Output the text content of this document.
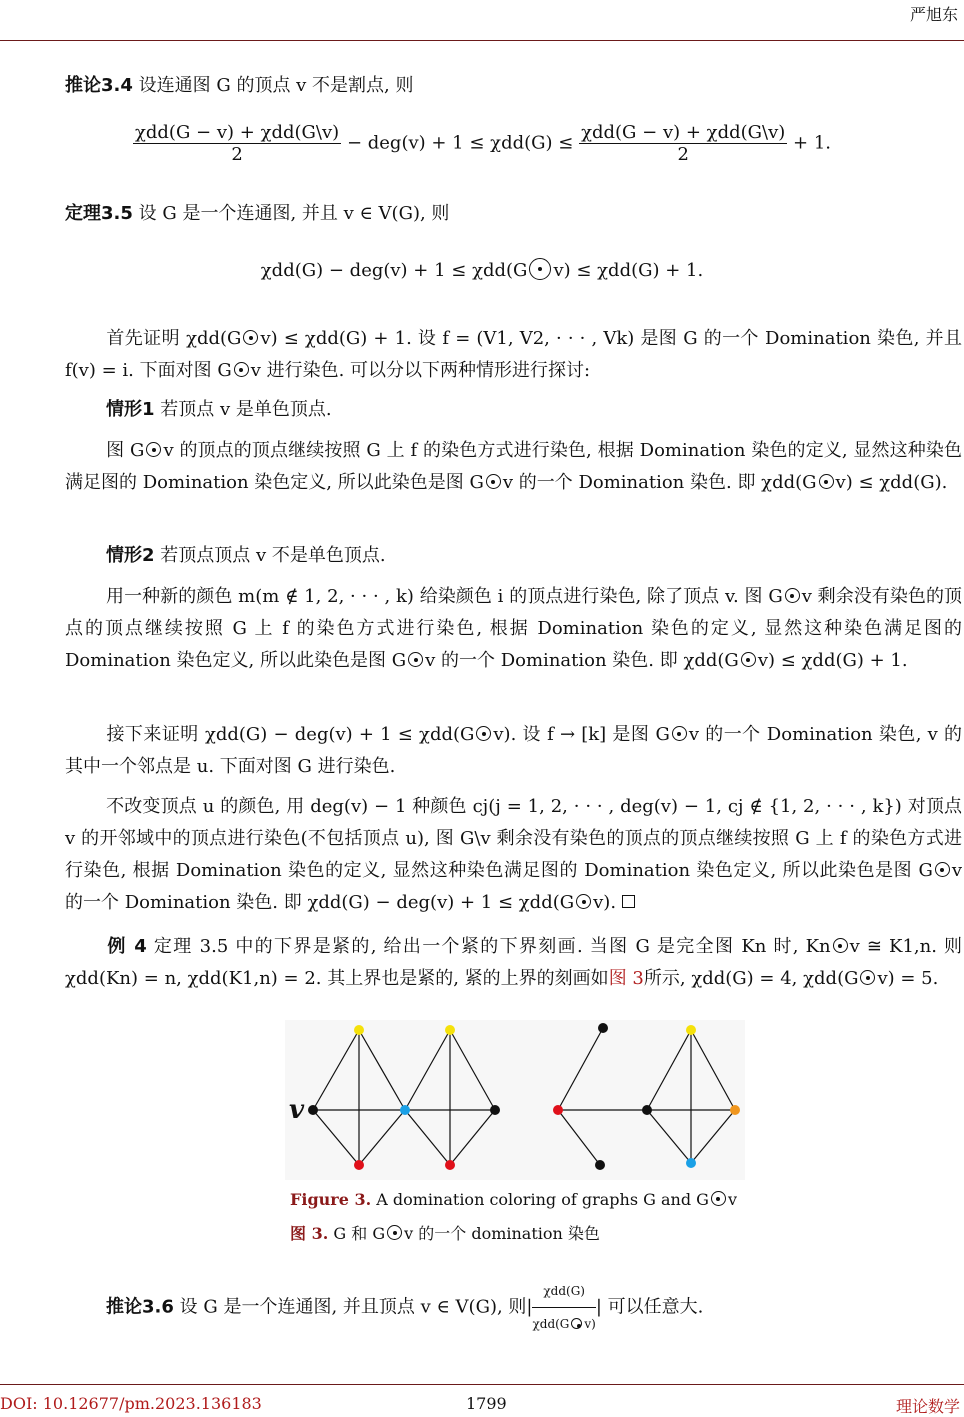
严旭东
推论3.4 设连通图 G 的顶点 v 不是割点, 则
$\frac{\text{χdd(G − v) + χdd(G\textbackslash{}v)}}{2} - deg(v) + 1 \le \chi dd(G) \le \frac{\text{χdd(G − v) + χdd(G\textbackslash{}v)}}{2} + 1$.
定理3.5 设 G 是一个连通图, 并且 v ∈ V(G), 则
χdd(G) − deg(v) + 1 ≤ χdd(G v) ≤ χdd(G) + 1.
首先证明 χdd(G v) ≤ χdd(G) + 1. 设 f = (V1, V2, · · · , Vk) 是图 G 的一个 Domination 染色, 并且f(v) = i. 下面对图 G v 进行染色. 可以分以下两种情形进行探讨:
情形1 若顶点 v 是单色顶点.
图 G v 的顶点的顶点继续按照 G 上 f 的染色方式进行染色, 根据 Domination 染色的定义, 显然这种染色满足图的 Domination 染色定义, 所以此染色是图 G v 的一个 Domination 染色. 即 χdd(G v) ≤ χdd(G).
情形2 若顶点顶点 v 不是单色顶点.
用一种新的颜色 m(m ∉ 1, 2, · · · , k) 给染颜色 i 的顶点进行染色, 除了顶点 v. 图 G v 剩余没有染色的顶点的顶点继续按照 G 上 f 的染色方式进行染色, 根据 Domination 染色的定义, 显然这种染色满足图的 Domination 染色定义, 所以此染色是图 G v 的一个 Domination 染色. 即 χdd(G v) ≤ χdd(G) + 1.
接下来证明 χdd(G) − deg(v) + 1 ≤ χdd(G v). 设 f → [k] 是图 G v 的一个 Domination 染色, v 的其中一个邻点是 u. 下面对图 G 进行染色.
不改变顶点 u 的颜色, 用 deg(v) − 1 种颜色 cj(j = 1, 2, · · · , deg(v) − 1, cj ∉ {1, 2, · · · , k}) 对顶点 v 的开邻域中的顶点进行染色(不包括顶点 u), 图 G\v 剩余没有染色的顶点的顶点继续按照 G 上 f 的染色方式进行染色, 根据 Domination 染色的定义, 显然这种染色满足图的 Domination 染色定义, 所以此染色是图 G v 的一个 Domination 染色. 即 χdd(G) − deg(v) + 1 ≤ χdd(G v).
例 4 定理 3.5 中的下界是紧的, 给出一个紧的下界刻画. 当图 G 是完全图 Kn 时, Kn v ≅ K1,n. 则 χdd(Kn) = n, χdd(K1,n) = 2. 其上界也是紧的, 紧的上界的刻画如图 3所示, χdd(G) = 4, χdd(G v) = 5.
v
Figure 3. A domination coloring of graphs G and G v
图 3. G 和 G v 的一个 domination 染色
推论3.6 设 G 是一个连通图, 并且顶点 v ∈ V(G), 则| $\frac{\text{χdd(G)}}{\text{χdd(G v)}}$ | 可以任意大.
DOI: 10.12677/pm.2023.136183	1799	理论数学
